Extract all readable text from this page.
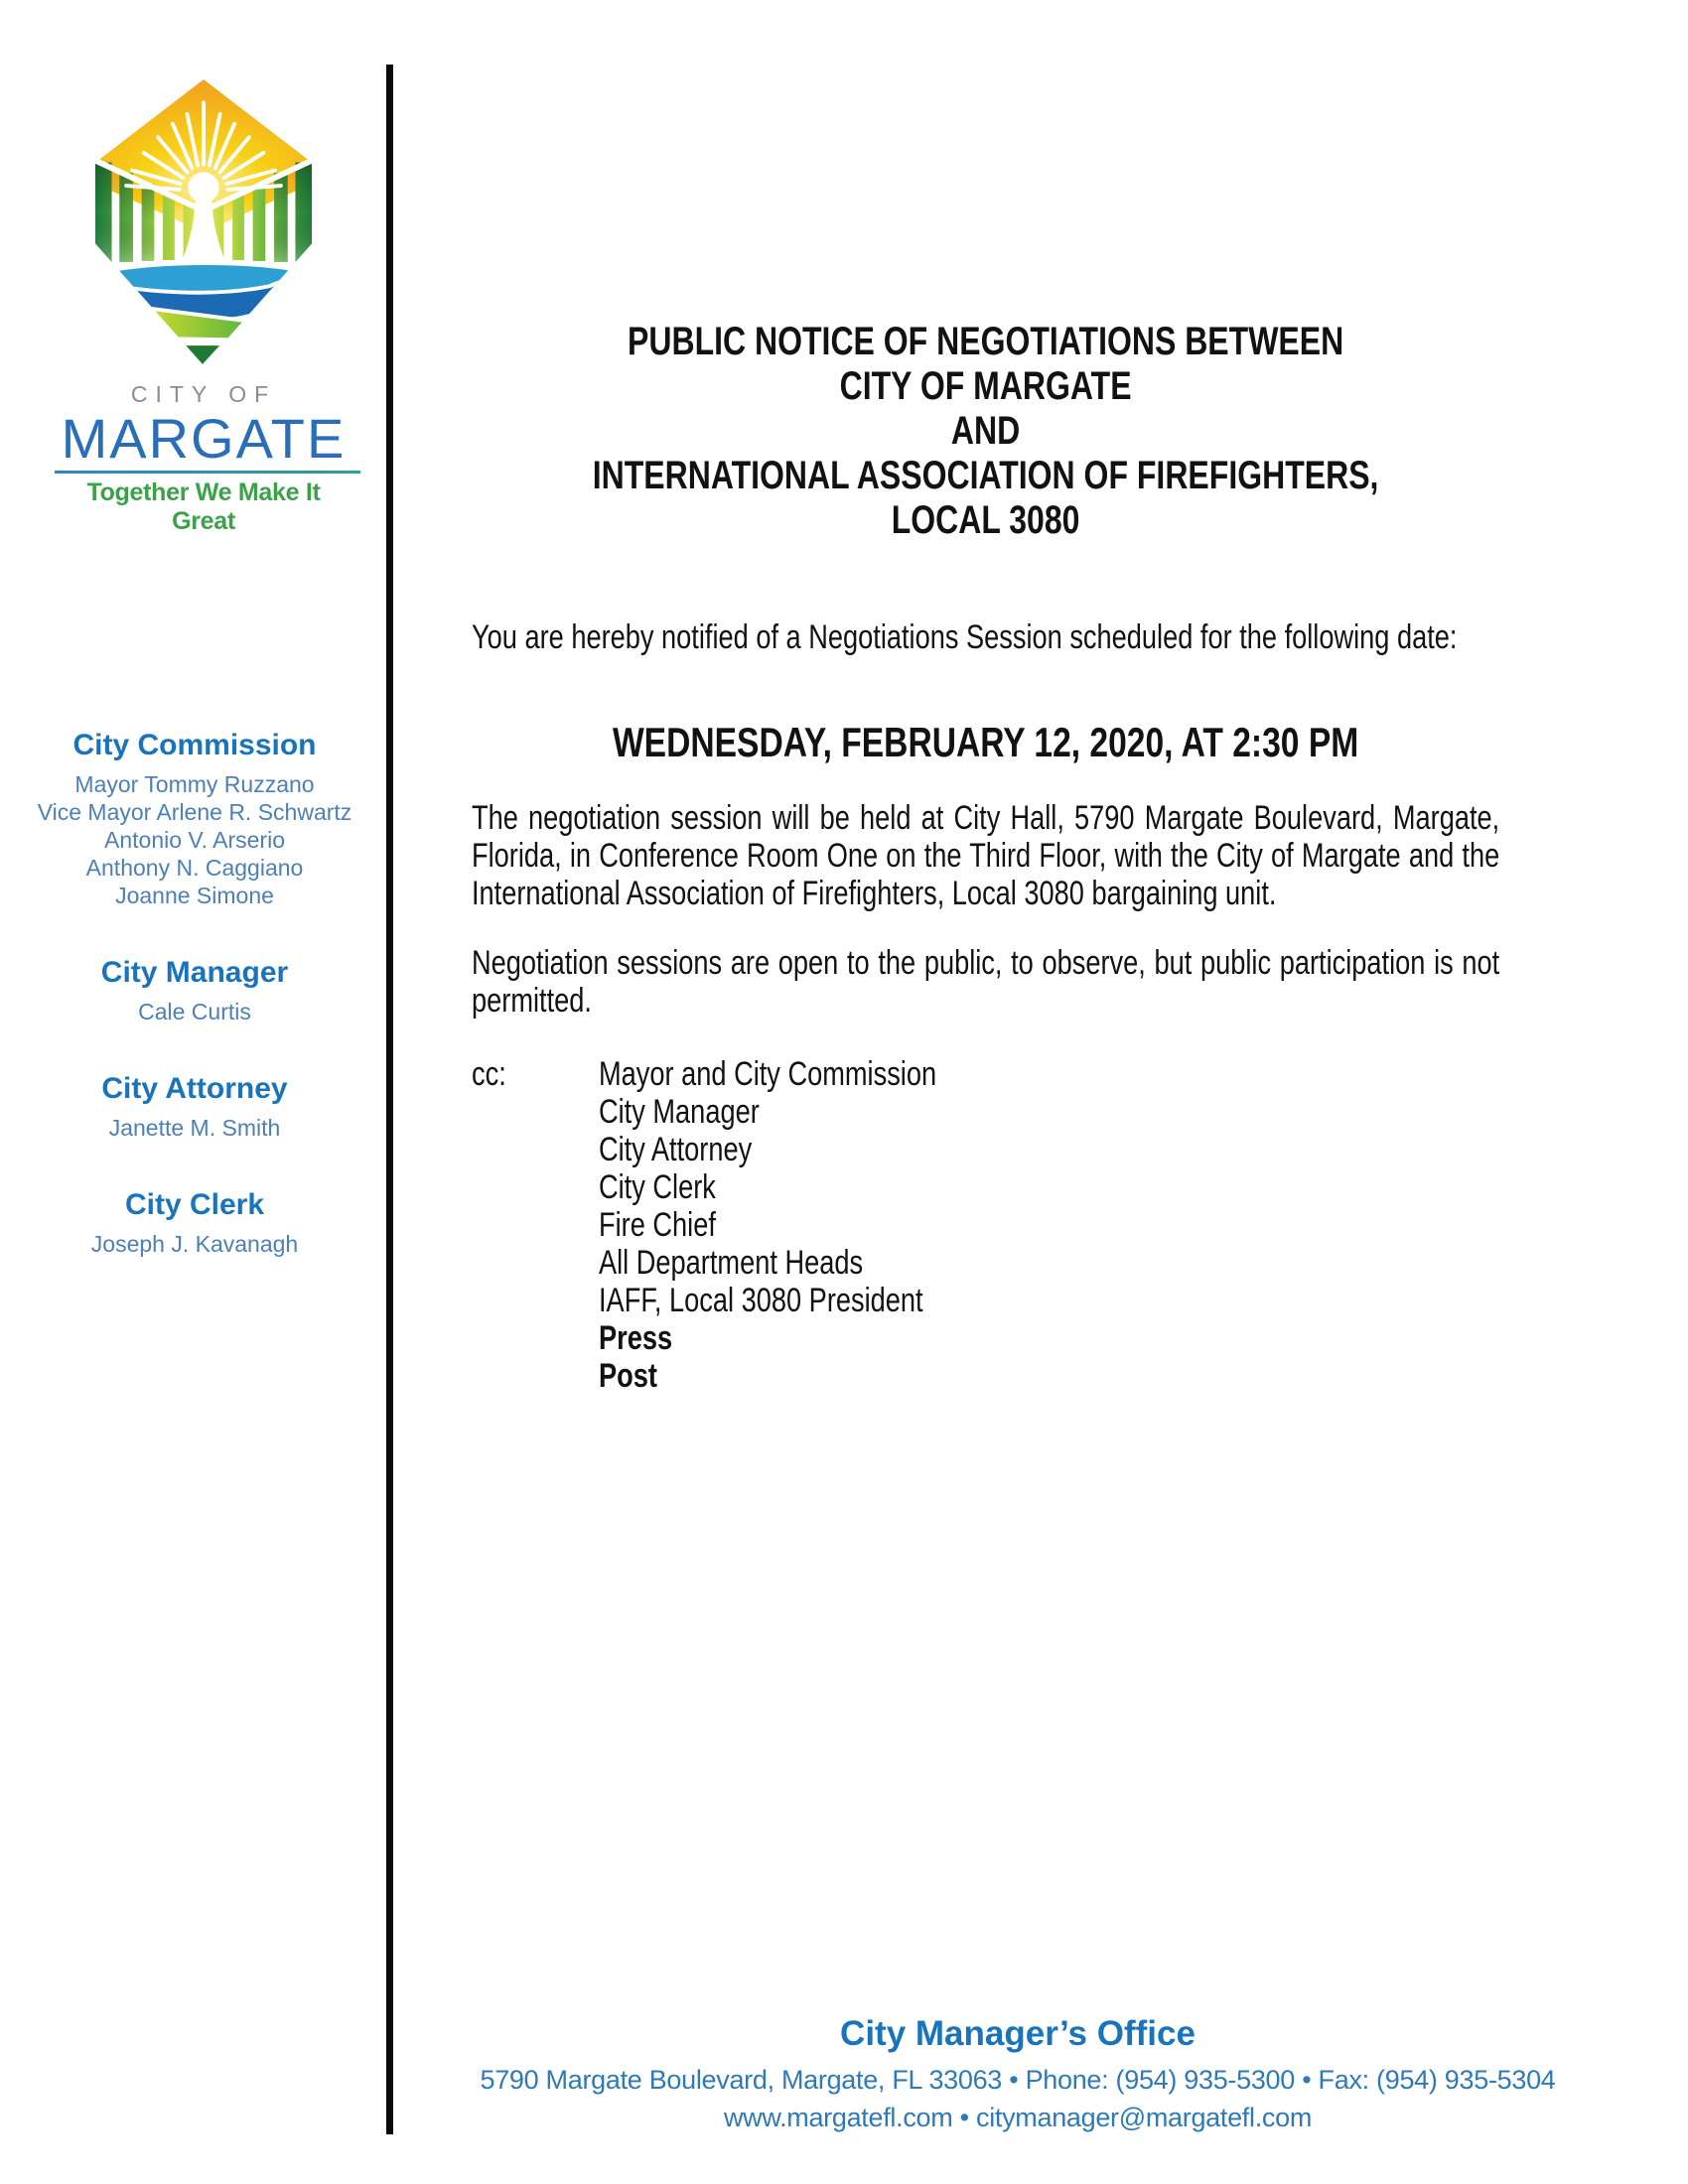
CITY OF
MARGATE
Together We Make It Great
City Commission
Mayor Tommy Ruzzano
Vice Mayor Arlene R. Schwartz
Antonio V. Arserio
Anthony N. Caggiano
Joanne Simone
City Manager
Cale Curtis
City Attorney
Janette M. Smith
City Clerk
Joseph J. Kavanagh
PUBLIC NOTICE OF NEGOTIATIONS BETWEEN
CITY OF MARGATE
AND
INTERNATIONAL ASSOCIATION OF FIREFIGHTERS,
LOCAL 3080

You are hereby notified of a Negotiations Session scheduled for the following date:

WEDNESDAY, FEBRUARY 12, 2020, AT 2:30 PM

The negotiation session will be held at City Hall, 5790 Margate Boulevard, Margate, Florida, in Conference Room One on the Third Floor, with the City of Margate and the International Association of Firefighters, Local 3080 bargaining unit.

Negotiation sessions are open to the public, to observe, but public participation is not permitted.

cc:	Mayor and City Commission
City Manager
City Attorney
City Clerk
Fire Chief
All Department Heads
IAFF, Local 3080 President
Press
Post
City Manager’s Office
5790 Margate Boulevard, Margate, FL 33063 • Phone: (954) 935-5300 • Fax: (954) 935-5304
www.margatefl.com • citymanager@margatefl.com
